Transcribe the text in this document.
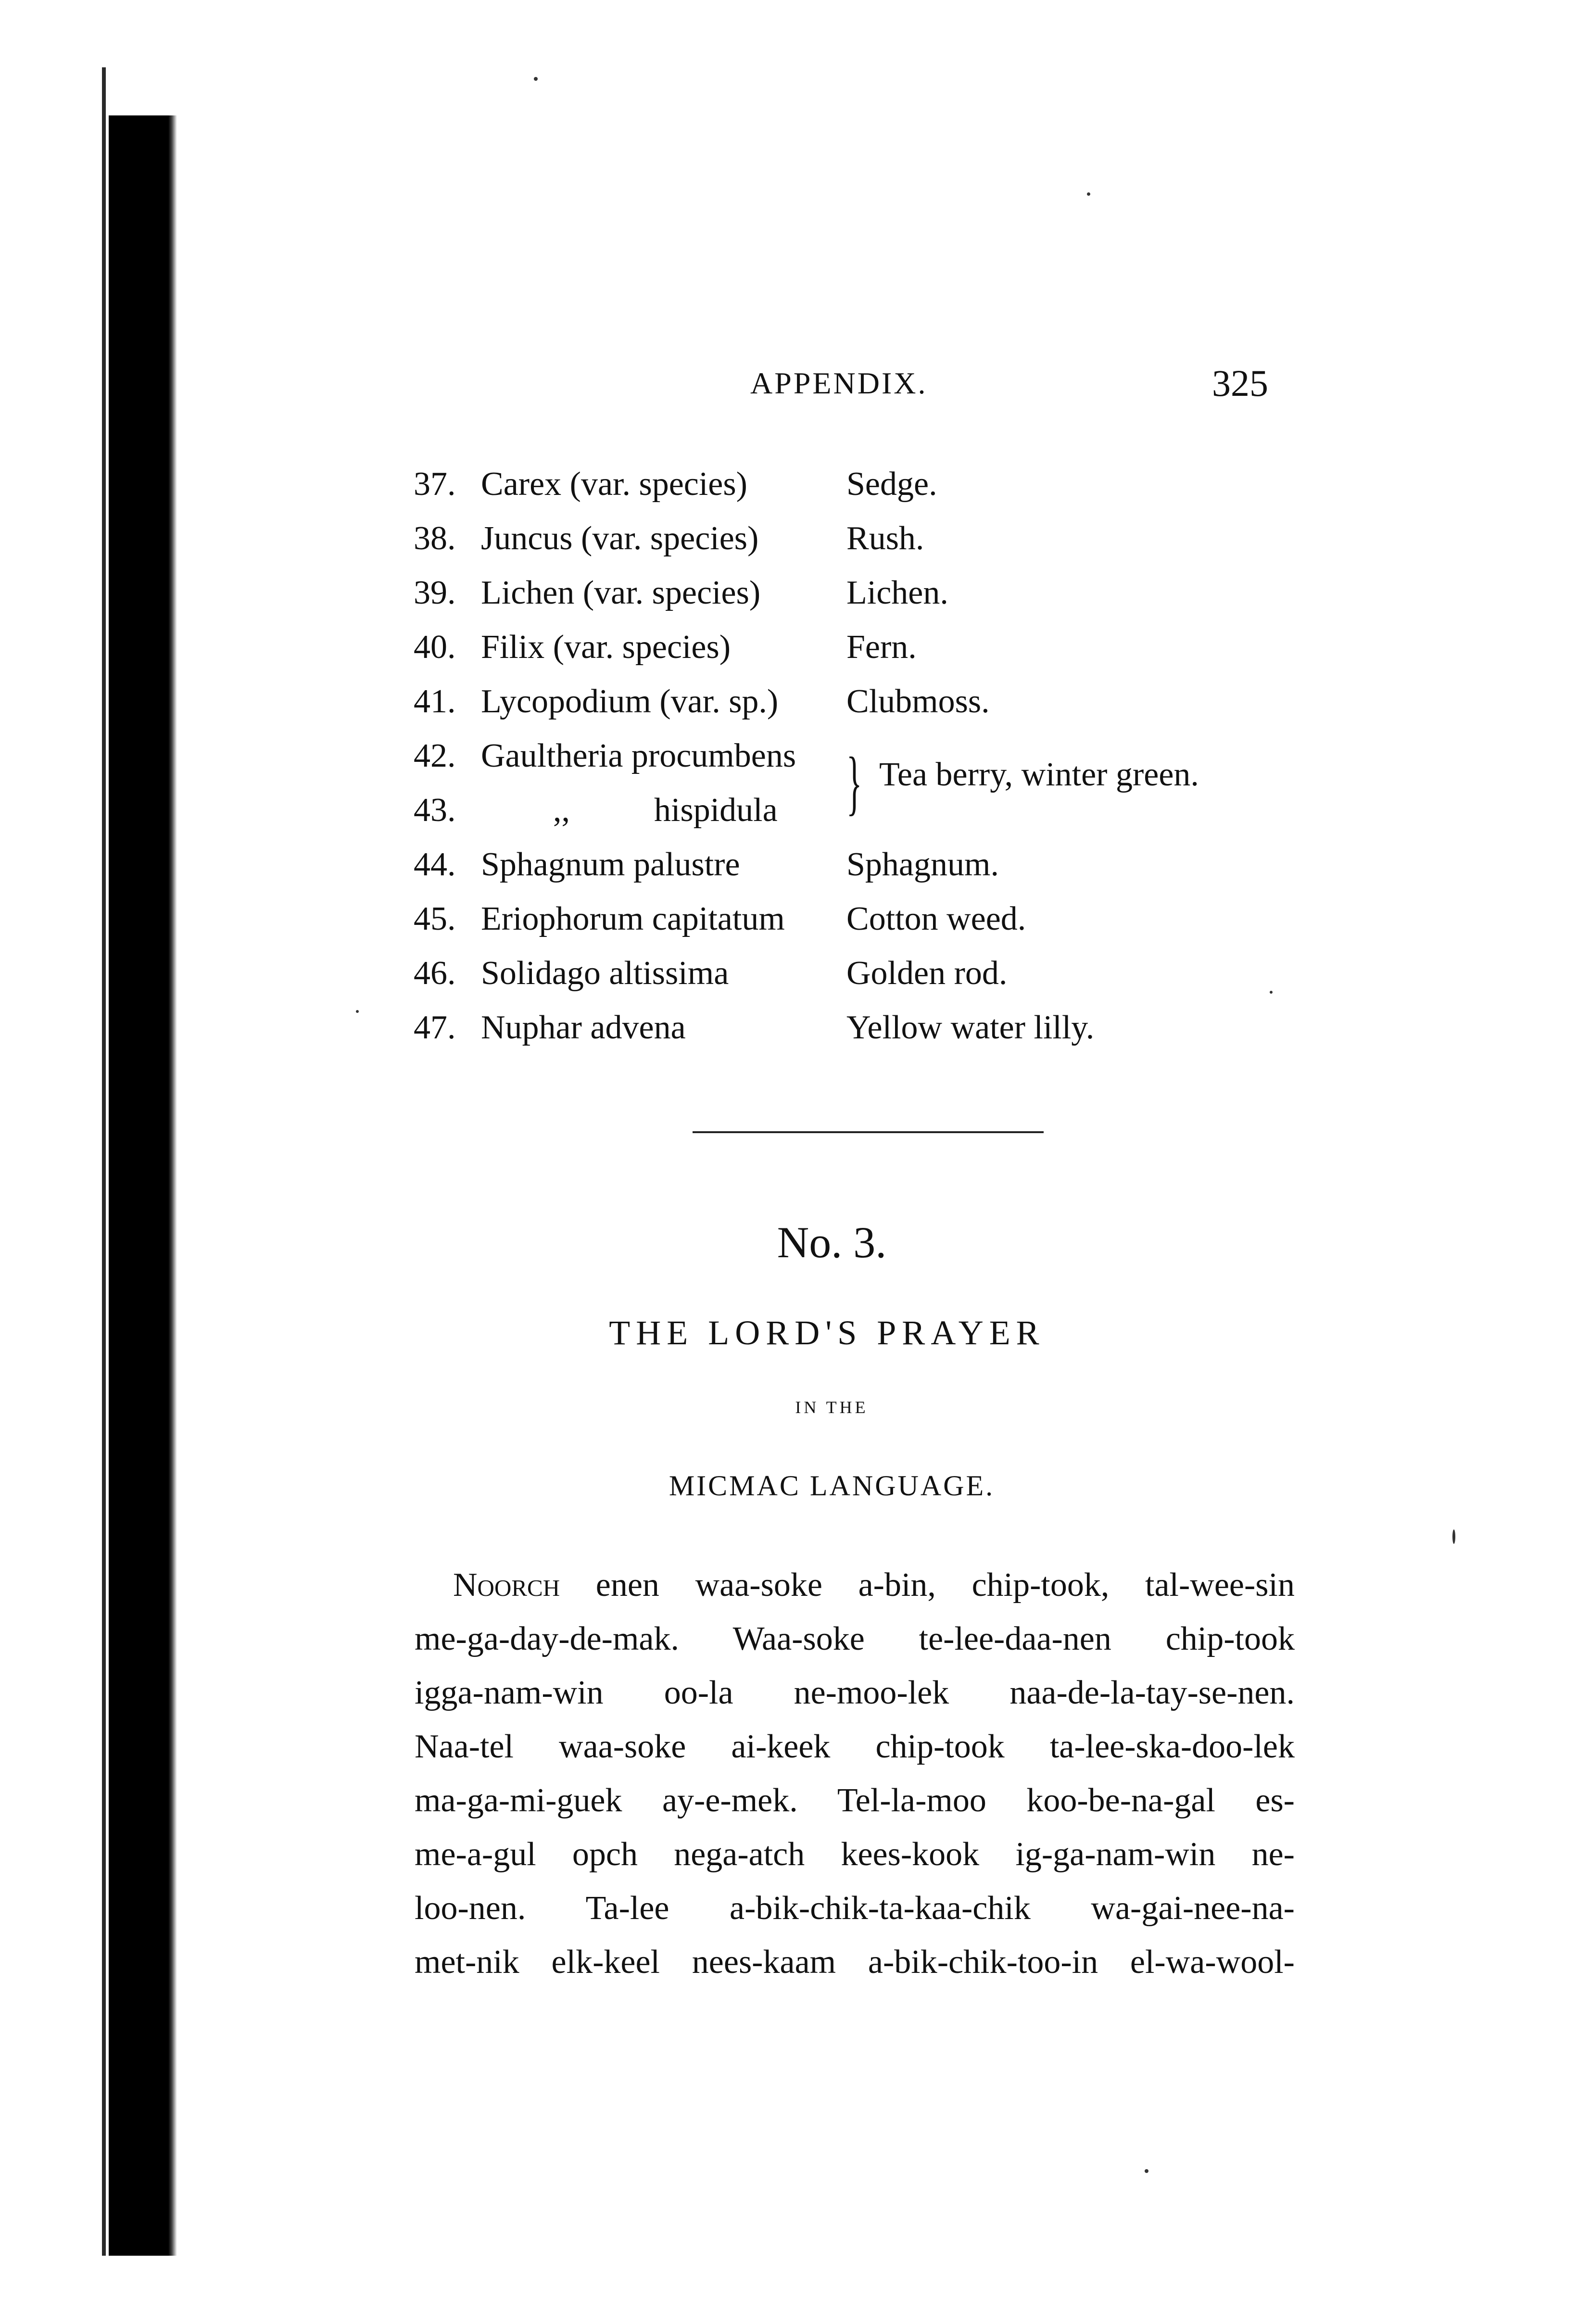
APPENDIX.	325
37. Carex (var. species)	Sedge.
38. Juncus (var. species)	Rush.
39. Lichen (var. species)	Lichen.
40. Filix (var. species)	Fern.
41. Lycopodium (var. sp.) Clubmoss.
42. Gaultheria procumbens
43.	,,	hispidula } Tea berry, winter green.
44. Sphagnum palustre	Sphagnum.
45. Eriophorum capitatum Cotton weed.
46. Solidago altissima	Golden rod.
47. Nuphar advena	Yellow water lilly.
No. 3.
THE LORD'S PRAYER
IN THE
MICMAC LANGUAGE.
Noorch enen waa-soke a-bin, chip-took, tal-wee-sin
me-ga-day-de-mak. Waa-soke te-lee-daa-nen chip-took
igga-nam-win oo-la ne-moo-lek naa-de-la-tay-se-nen.
Naa-tel waa-soke ai-keek chip-took ta-lee-ska-doo-lek
ma-ga-mi-guek ay-e-mek. Tel-la-moo koo-be-na-gal es-
me-a-gul opch nega-atch kees-kook ig-ga-nam-win ne-
loo-nen. Ta-lee a-bik-chik-ta-kaa-chik wa-gai-nee-na-
met-nik elk-keel nees-kaam a-bik-chik-too-in el-wa-wool-
